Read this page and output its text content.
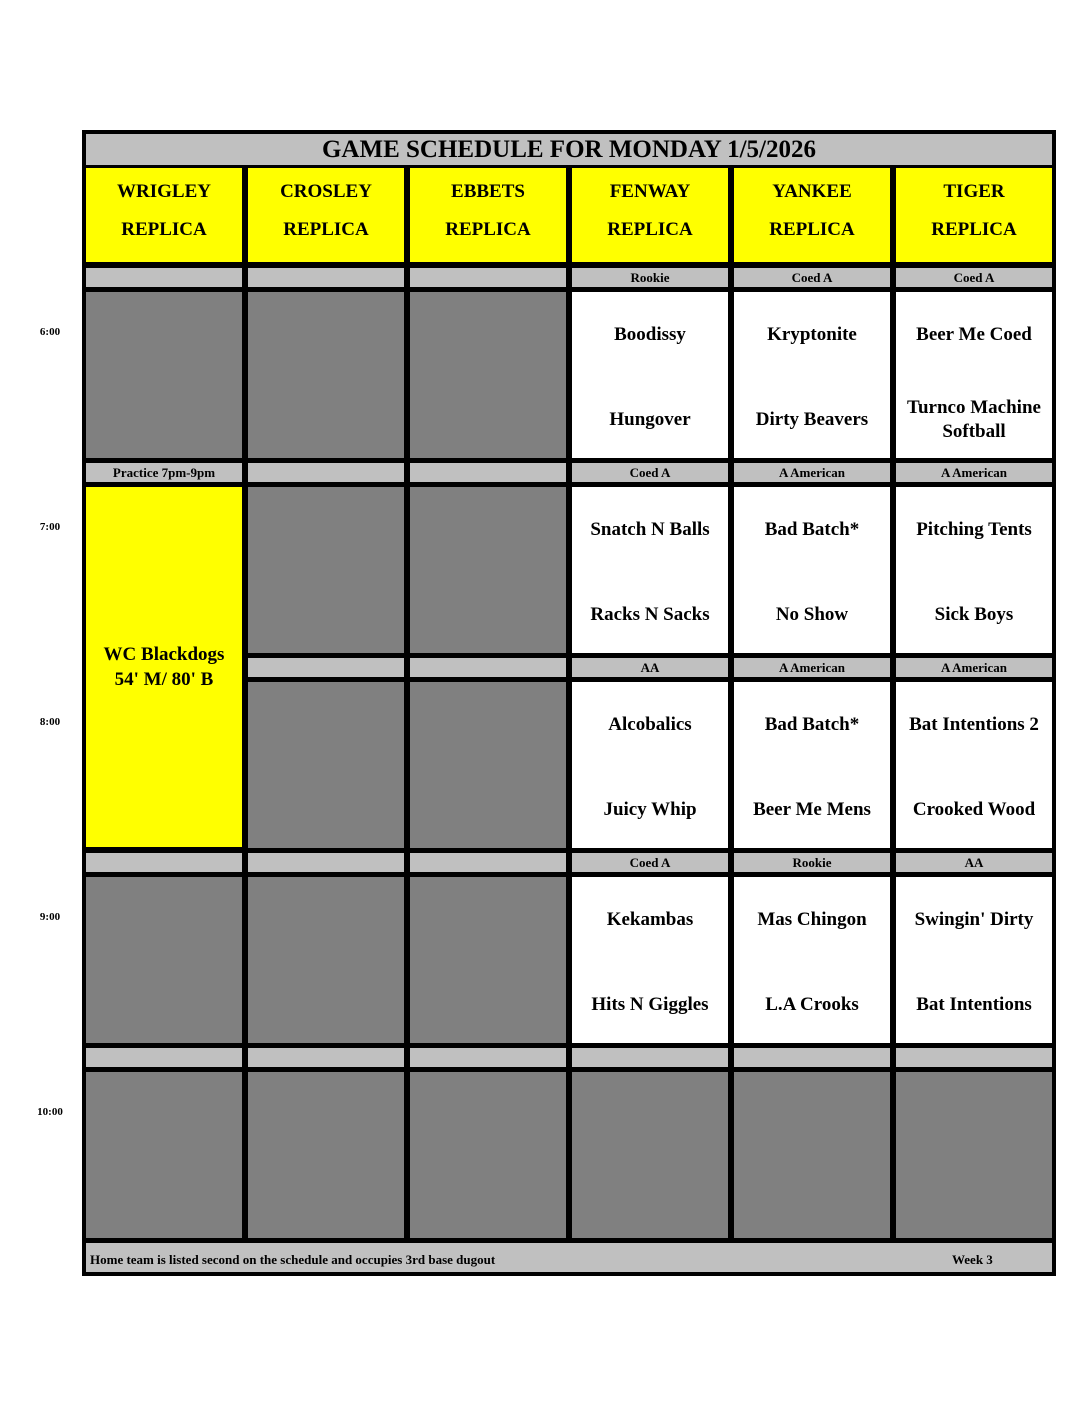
GAME SCHEDULE FOR MONDAY 1/5/2026
WRIGLEY
REPLICA
CROSLEY
REPLICA
EBBETS
REPLICA
FENWAY
REPLICA
YANKEE
REPLICA
TIGER
REPLICA
6:00
7:00
8:00
9:00
10:00
Rookie
Boodissy
Hungover
Coed A
Kryptonite
Dirty Beavers
Coed A
Beer Me Coed
Turnco Machine Softball
Practice 7pm-9pm	Coed A
Snatch N Balls
Racks N Sacks
A American
Bad Batch*
No Show
A American
Pitching Tents
Sick Boys
AA
Alcobalics
Juicy Whip
A American
Bad Batch*
Beer Me Mens
A American
Bat Intentions 2
Crooked Wood
Coed A
Kekambas
Hits N Giggles
Rookie
Mas Chingon
L.A Crooks
AA
Swingin' Dirty
Bat Intentions
WC Blackdogs
54' M/ 80' B
Home team is listed second on the schedule and occupies 3rd base dugout	Week 3
